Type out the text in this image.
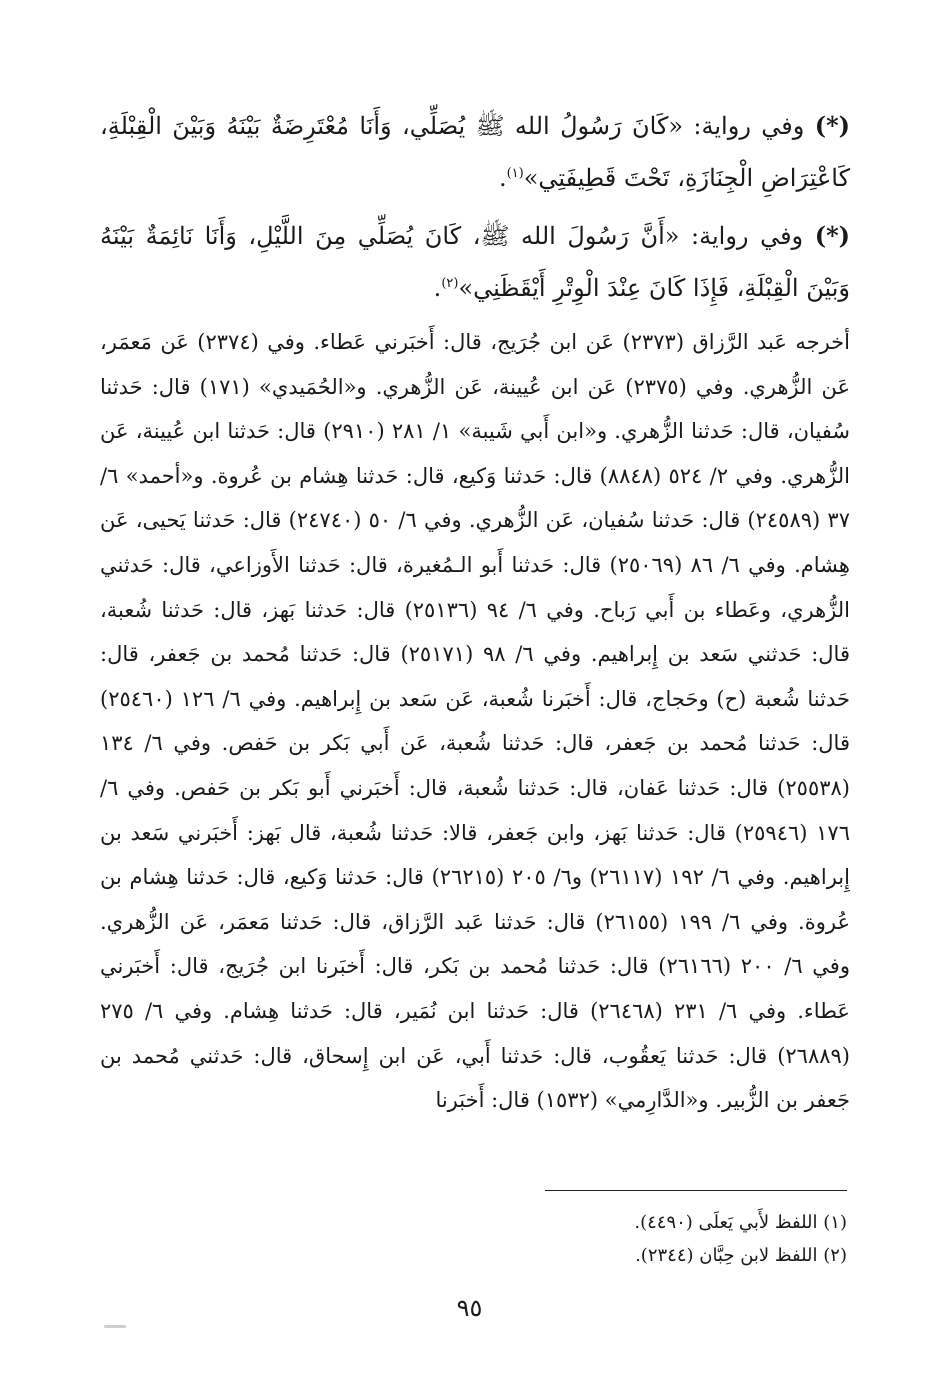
(*) وفي رواية: «كَانَ رَسُولُ الله ﷺ يُصَلِّي، وَأَنَا مُعْتَرِضَةٌ بَيْنَهُ وَبَيْنَ الْقِبْلَةِ، كَاعْتِرَاضِ الْجِنَازَةِ، تَحْتَ قَطِيفَتِي»$^{(١)}$.

(*) وفي رواية: «أَنَّ رَسُولَ الله ﷺ، كَانَ يُصَلِّي مِنَ اللَّيْلِ، وَأَنَا نَائِمَةٌ بَيْنَهُ وَبَيْنَ الْقِبْلَةِ، فَإِذَا كَانَ عِنْدَ الْوِتْرِ أَيْقَظَنِي»$^{(٢)}$.

أخرجه عَبد الرَّزاق (٢٣٧٣) عَن ابن جُرَيج، قال: أَخبَرني عَطاء. وفي (٢٣٧٤) عَن مَعمَر، عَن الزُّهري. وفي (٢٣٧٥) عَن ابن عُيينة، عَن الزُّهري. و«الحُمَيدي» (١٧١) قال: حَدثنا سُفيان، قال: حَدثنا الزُّهري. و«ابن أَبي شَيبة» ١/ ٢٨١ (٢٩١٠) قال: حَدثنا ابن عُيينة، عَن الزُّهري. وفي ٢/ ٥٢٤ (٨٨٤٨) قال: حَدثنا وَكيع، قال: حَدثنا هِشام بن عُروة. و«أحمد» ٦/ ٣٧ (٢٤٥٨٩) قال: حَدثنا سُفيان، عَن الزُّهري. وفي ٦/ ٥٠ (٢٤٧٤٠) قال: حَدثنا يَحيى، عَن هِشام. وفي ٦/ ٨٦ (٢٥٠٦٩) قال: حَدثنا أَبو الـمُغيرة، قال: حَدثنا الأَوزاعي، قال: حَدثني الزُّهري، وعَطاء بن أَبي رَباح. وفي ٦/ ٩٤ (٢٥١٣٦) قال: حَدثنا بَهز، قال: حَدثنا شُعبة، قال: حَدثني سَعد بن إِبراهيم. وفي ٦/ ٩٨ (٢٥١٧١) قال: حَدثنا مُحمد بن جَعفر، قال: حَدثنا شُعبة (ح) وحَجاج، قال: أَخبَرنا شُعبة، عَن سَعد بن إِبراهيم. وفي ٦/ ١٢٦ (٢٥٤٦٠) قال: حَدثنا مُحمد بن جَعفر، قال: حَدثنا شُعبة، عَن أَبي بَكر بن حَفص. وفي ٦/ ١٣٤ (٢٥٥٣٨) قال: حَدثنا عَفان، قال: حَدثنا شُعبة، قال: أَخبَرني أَبو بَكر بن حَفص. وفي ٦/ ١٧٦ (٢٥٩٤٦) قال: حَدثنا بَهز، وابن جَعفر، قالا: حَدثنا شُعبة، قال بَهز: أَخبَرني سَعد بن إِبراهيم. وفي ٦/ ١٩٢ (٢٦١١٧) و٦/ ٢٠٥ (٢٦٢١٥) قال: حَدثنا وَكيع، قال: حَدثنا هِشام بن عُروة. وفي ٦/ ١٩٩ (٢٦١٥٥) قال: حَدثنا عَبد الرَّزاق، قال: حَدثنا مَعمَر، عَن الزُّهري. وفي ٦/ ٢٠٠ (٢٦١٦٦) قال: حَدثنا مُحمد بن بَكر، قال: أَخبَرنا ابن جُرَيج، قال: أَخبَرني عَطاء. وفي ٦/ ٢٣١ (٢٦٤٦٨) قال: حَدثنا ابن نُمَير، قال: حَدثنا هِشام. وفي ٦/ ٢٧٥ (٢٦٨٨٩) قال: حَدثنا يَعقُوب، قال: حَدثنا أَبي، عَن ابن إِسحاق، قال: حَدثني مُحمد بن جَعفر بن الزُّبير. و«الدَّارِمي» (١٥٣٢) قال: أَخبَرنا

(١) اللفظ لأَبي يَعلَى (٤٤٩٠).
(٢) اللفظ لابن حِبَّان (٢٣٤٤).
٩٥
